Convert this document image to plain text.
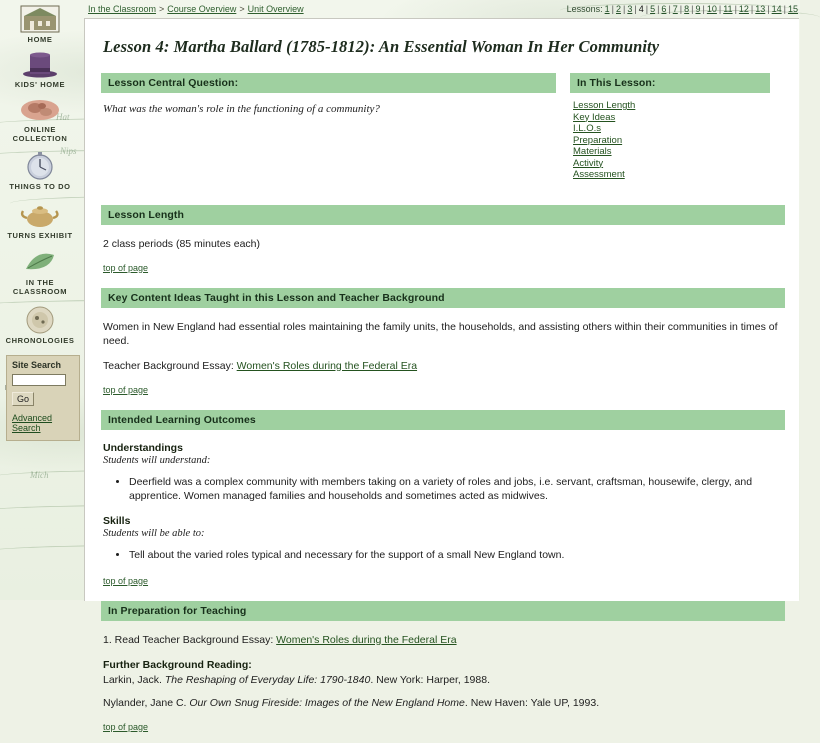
Nips
Mich
Hat
HOME
KIDS' HOME
ONLINE COLLECTION
THINGS TO DO
TURNS EXHIBIT
IN THE CLASSROOM
CHRONOLOGIES
Site Search
Go
Advanced Search
In the Classroom > Course Overview > Unit Overview	Lessons: 1 | 2 | 3 | 4 | 5 | 6 | 7 | 8 | 9 | 10 | 11 | 12 | 13 | 14 | 15
Lesson 4: Martha Ballard (1785-1812): An Essential Woman In Her Community
Lesson Central Question:
What was the woman's role in the functioning of a community?
In This Lesson:
Lesson Length
Key Ideas
I.L.O.s
Preparation
Materials
Activity
Assessment
Lesson Length

2 class periods (85 minutes each)

top of page
Key Content Ideas Taught in this Lesson and Teacher Background

Women in New England had essential roles maintaining the family units, the households, and assisting others within their communities in times of need.

Teacher Background Essay: Women's Roles during the Federal Era

top of page
Intended Learning Outcomes

Understandings

Students will understand:

• Deerfield was a complex community with members taking on a variety of roles and jobs, i.e. servant, craftsman, housewife, clergy, and apprentice. Women managed families and households and sometimes acted as midwives.

Skills

Students will be able to:

• Tell about the varied roles typical and necessary for the support of a small New England town.
top of page
In Preparation for Teaching

1. Read Teacher Background Essay: Women's Roles during the Federal Era

Further Background Reading:

Larkin, Jack. The Reshaping of Everyday Life: 1790-1840. New York: Harper, 1988.

Nylander, Jane C. Our Own Snug Fireside: Images of the New England Home. New Haven: Yale UP, 1993.

top of page
